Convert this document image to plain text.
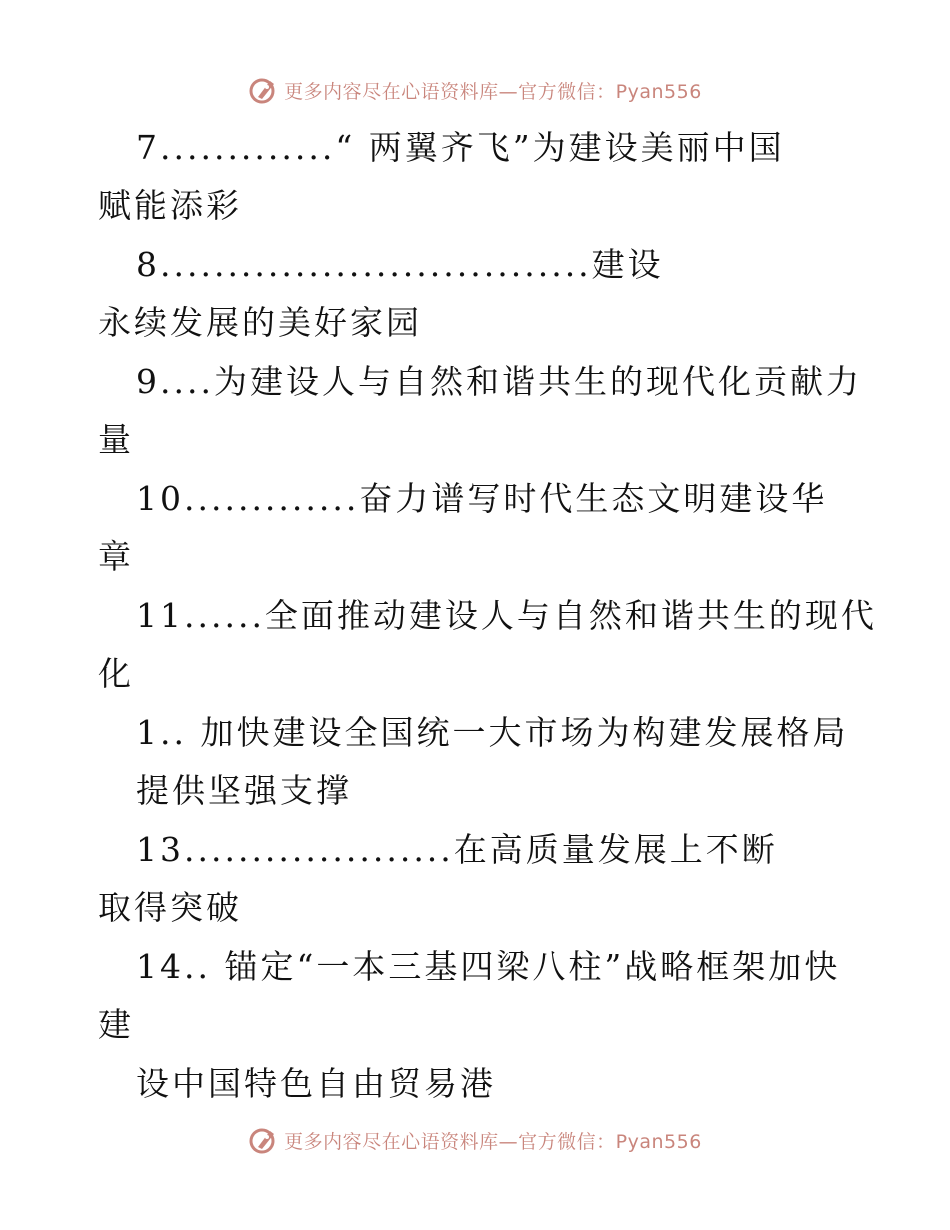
更多内容尽在心语资料库—官方微信：Pyan556
7.............“ 两翼齐飞”为建设美丽中国
赋能添彩
8................................建设
永续发展的美好家园
9....为建设人与自然和谐共生的现代化贡献力
量
10.............奋力谱写时代生态文明建设华
章
11......全面推动建设人与自然和谐共生的现代
化
1.. 加快建设全国统一大市场为构建发展格局
提供坚强支撑
13....................在高质量发展上不断
取得突破
14.. 锚定“一本三基四梁八柱”战略框架加快
建
设中国特色自由贸易港
更多内容尽在心语资料库—官方微信：Pyan556
